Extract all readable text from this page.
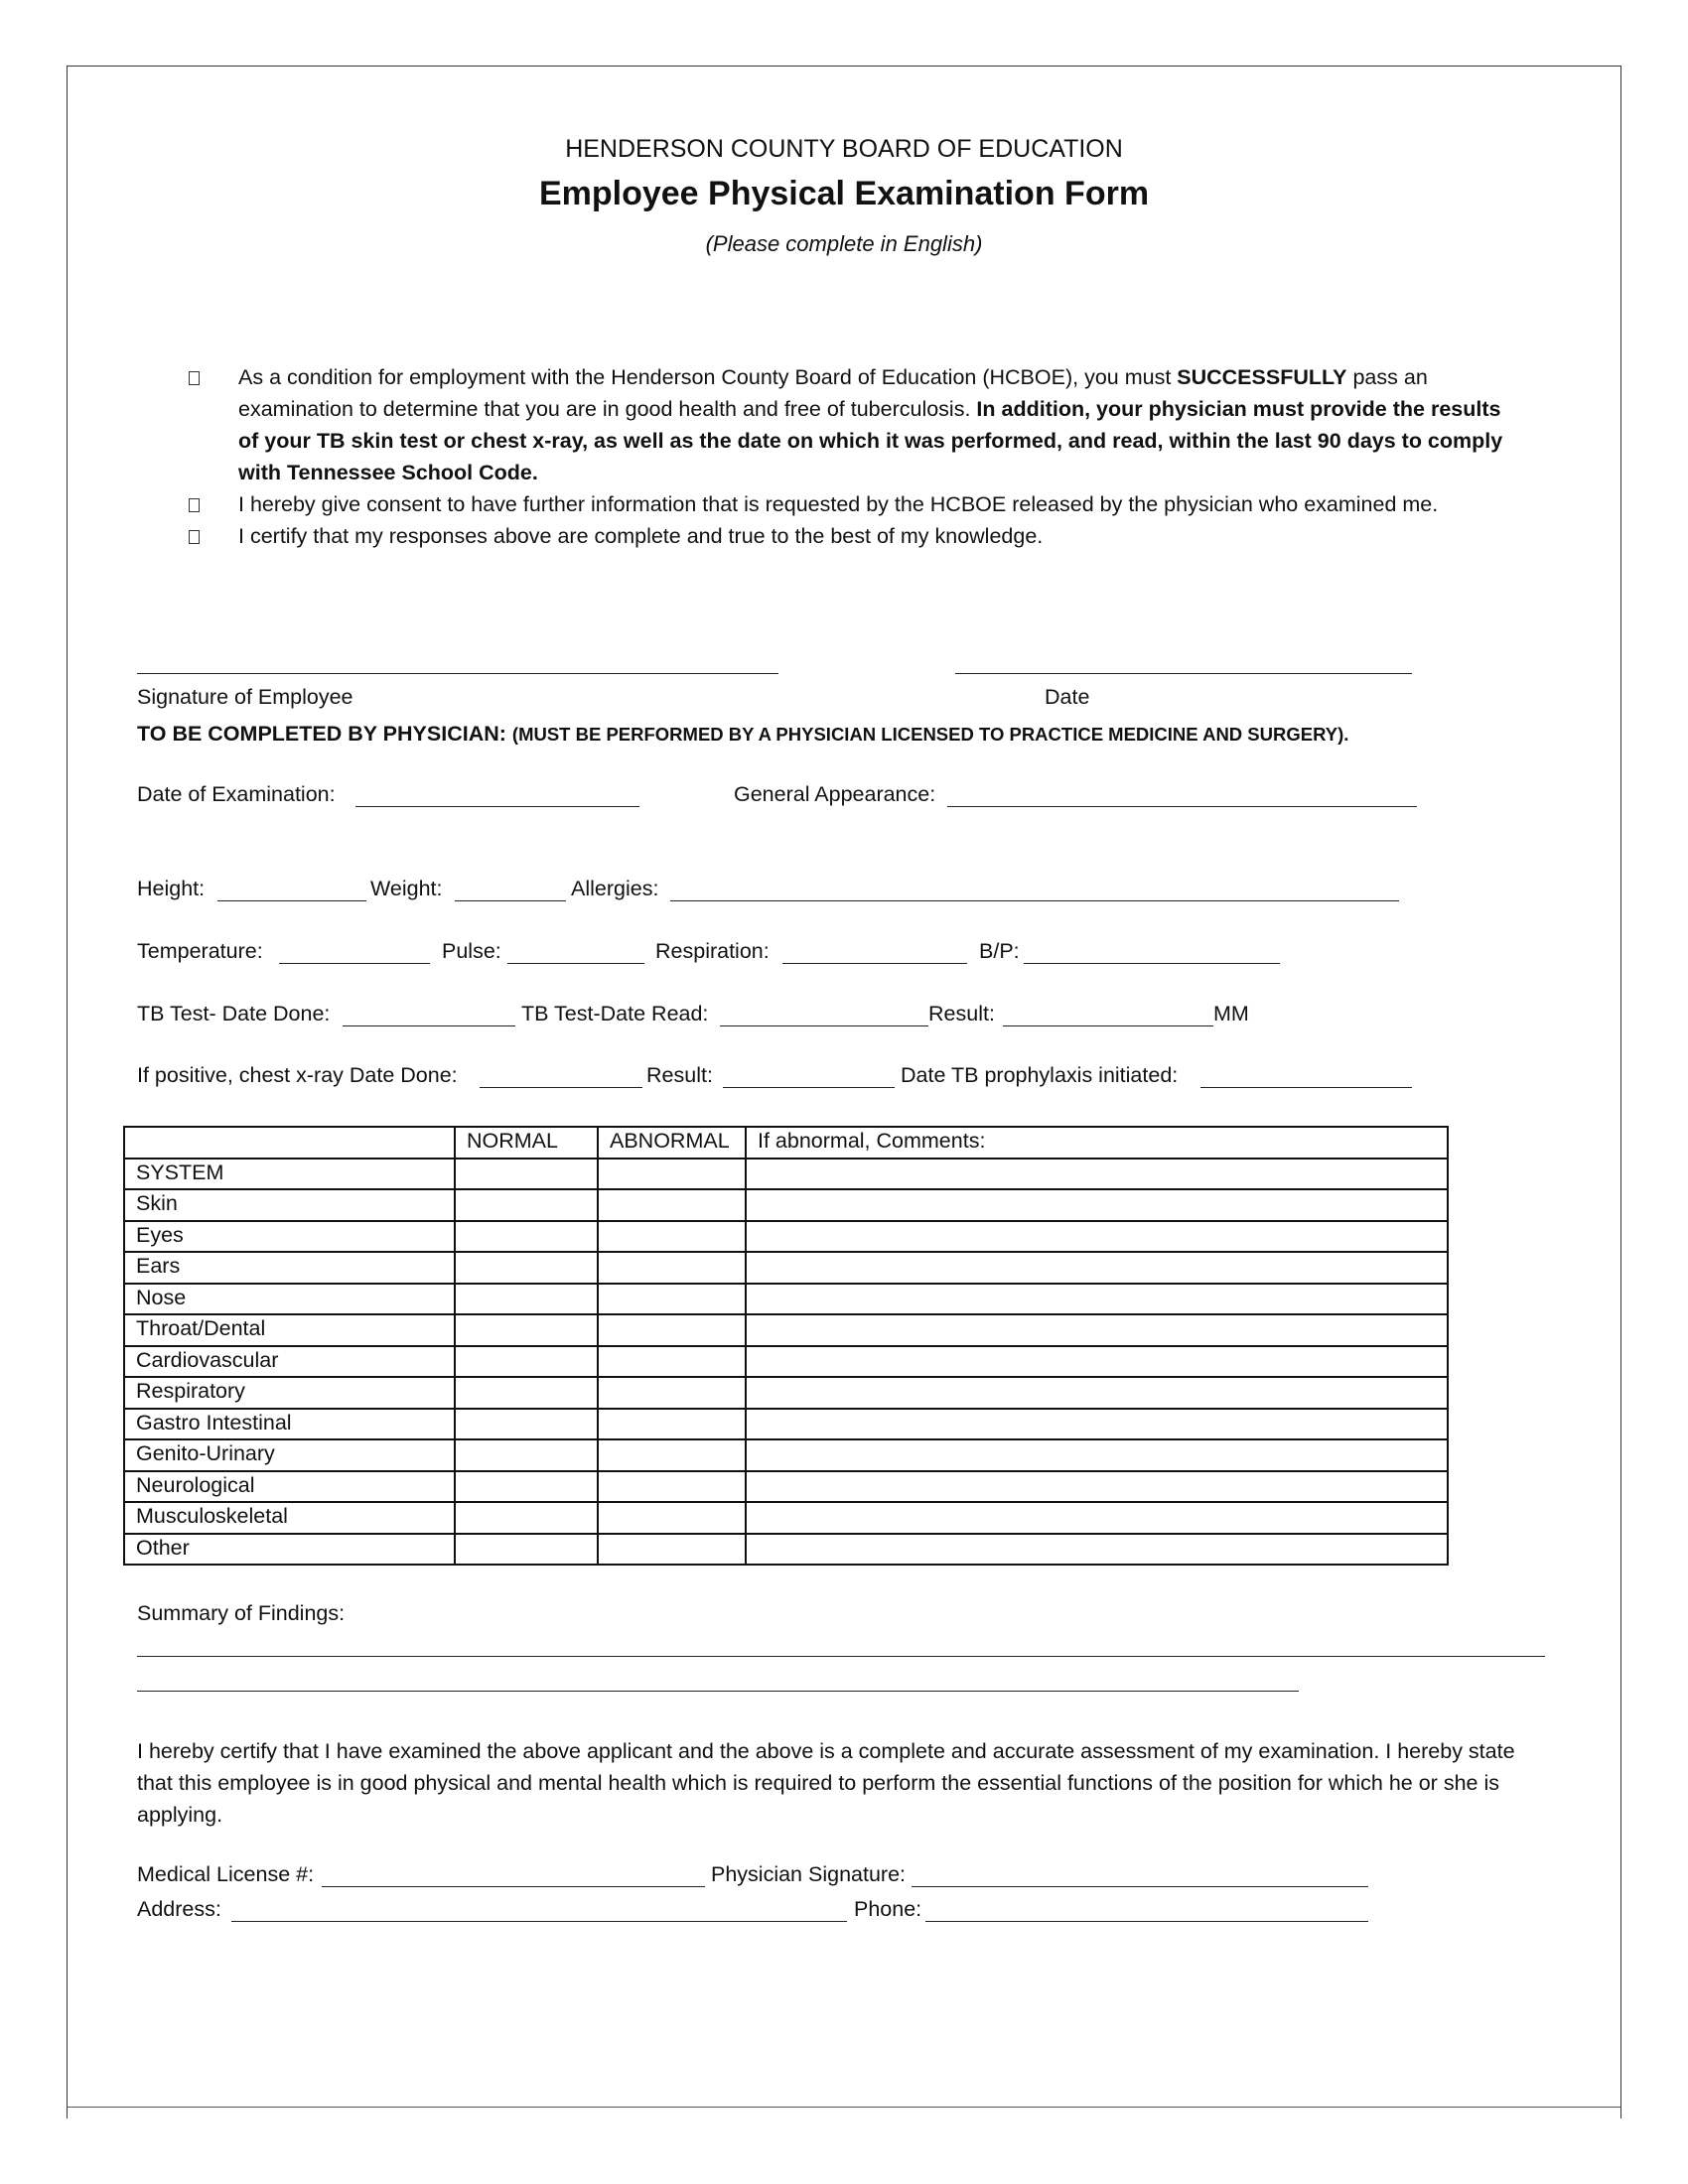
HENDERSON COUNTY BOARD OF EDUCATION
Employee Physical Examination Form
(Please complete in English)
As a condition for employment with the Henderson County Board of Education (HCBOE), you must SUCCESSFULLY pass an examination to determine that you are in good health and free of tuberculosis. In addition, your physician must provide the results of your TB skin test or chest x-ray, as well as the date on which it was performed, and read, within the last 90 days to comply with Tennessee School Code.
I hereby give consent to have further information that is requested by the HCBOE released by the physician who examined me.
I certify that my responses above are complete and true to the best of my knowledge.
Signature of Employee	Date
TO BE COMPLETED BY PHYSICIAN: (MUST BE PERFORMED BY A PHYSICIAN LICENSED TO PRACTICE MEDICINE AND SURGERY).
Date of Examination:	General Appearance:
Height:	Weight:	Allergies:
Temperature:	Pulse:	Respiration:	B/P:
TB Test- Date Done:	TB Test-Date Read:	Result:	MM
If positive, chest x-ray Date Done:	Result:	Date TB prophylaxis initiated:
	NORMAL	ABNORMAL	If abnormal, Comments:
SYSTEM			
Skin			
Eyes			
Ears			
Nose			
Throat/Dental			
Cardiovascular			
Respiratory			
Gastro Intestinal			
Genito-Urinary			
Neurological			
Musculoskeletal			
Other			
Summary of Findings:
I hereby certify that I have examined the above applicant and the above is a complete and accurate assessment of my examination. I hereby state that this employee is in good physical and mental health which is required to perform the essential functions of the position for which he or she is applying.
Medical License #:	Physician Signature:
Address:	Phone:
